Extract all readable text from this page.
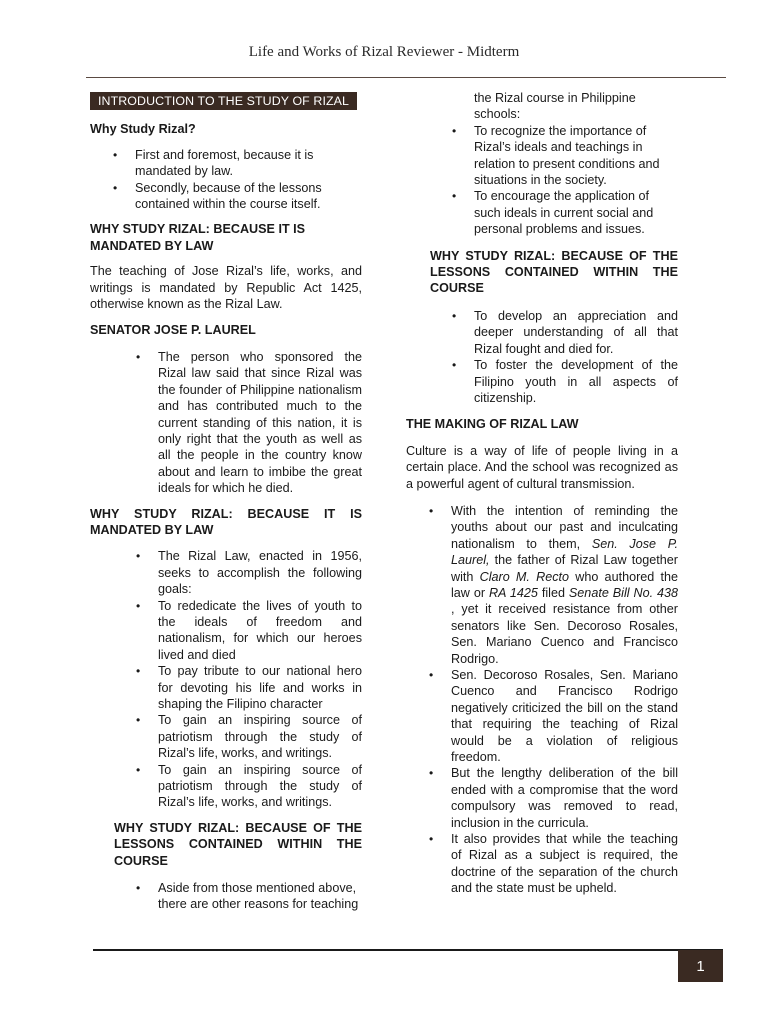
Life and Works of Rizal Reviewer - Midterm
INTRODUCTION TO THE STUDY OF RIZAL

Why Study Rizal?

• First and foremost, because it is mandated by law.
• Secondly, because of the lessons contained within the course itself.

WHY STUDY RIZAL: BECAUSE IT IS MANDATED BY LAW

The teaching of Jose Rizal’s life, works, and writings is mandated by Republic Act 1425, otherwise known as the Rizal Law.

SENATOR JOSE P. LAUREL

• The person who sponsored the Rizal law said that since Rizal was the founder of Philippine nationalism and has contributed much to the current standing of this nation, it is only right that the youth as well as all the people in the country know about and learn to imbibe the great ideals for which he died.

WHY STUDY RIZAL: BECAUSE IT IS MANDATED BY LAW

• The Rizal Law, enacted in 1956, seeks to accomplish the following goals:
• To rededicate the lives of youth to the ideals of freedom and nationalism, for which our heroes lived and died
• To pay tribute to our national hero for devoting his life and works in shaping the Filipino character
• To gain an inspiring source of patriotism through the study of Rizal’s life, works, and writings.
• To gain an inspiring source of patriotism through the study of Rizal’s life, works, and writings.

WHY STUDY RIZAL: BECAUSE OF THE LESSONS CONTAINED WITHIN THE COURSE

• Aside from those mentioned above, there are other reasons for teaching

the Rizal course in Philippine schools:

• To recognize the importance of Rizal’s ideals and teachings in relation to present conditions and situations in the society.
• To encourage the application of such ideals in current social and personal problems and issues.

WHY STUDY RIZAL: BECAUSE OF THE LESSONS CONTAINED WITHIN THE COURSE

• To develop an appreciation and deeper understanding of all that Rizal fought and died for.
• To foster the development of the Filipino youth in all aspects of citizenship.

THE MAKING OF RIZAL LAW

Culture is a way of life of people living in a certain place. And the school was recognized as a powerful agent of cultural transmission.

• With the intention of reminding the youths about our past and inculcating nationalism to them, Sen. Jose P. Laurel, the father of Rizal Law together with Claro M. Recto who authored the law or RA 1425 filed Senate Bill No. 438 , yet it received resistance from other senators like Sen. Decoroso Rosales, Sen. Mariano Cuenco and Francisco Rodrigo.
• Sen. Decoroso Rosales, Sen. Mariano Cuenco and Francisco Rodrigo negatively criticized the bill on the stand that requiring the teaching of Rizal would be a violation of religious freedom.
• But the lengthy deliberation of the bill ended with a compromise that the word compulsory was removed to read, inclusion in the curricula.
• It also provides that while the teaching of Rizal as a subject is required, the doctrine of the separation of the church and the state must be upheld.
1
